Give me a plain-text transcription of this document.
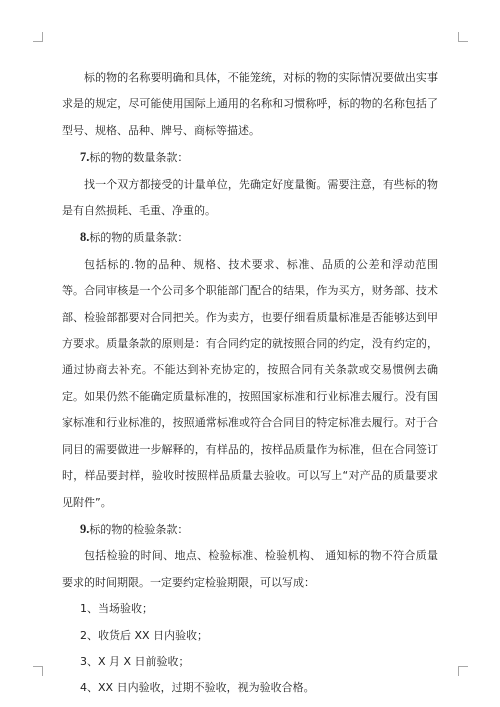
标的物的名称要明确和具体，不能笼统，对标的物的实际情况要做出实事求是的规定，尽可能使用国际上通用的名称和习惯称呼，标的物的名称包括了型号、规格、品种、牌号、商标等描述。

7.标的物的数量条款：

找一个双方都接受的计量单位，先确定好度量衡。需要注意，有些标的物是有自然损耗、毛重、净重的。

8.标的物的质量条款：

包括标的.物的品种、规格、技术要求、标准、品质的公差和浮动范围等。合同审核是一个公司多个职能部门配合的结果，作为买方，财务部、技术部、检验部都要对合同把关。作为卖方，也要仔细看质量标准是否能够达到甲方要求。质量条款的原则是：有合同约定的就按照合同的约定，没有约定的，通过协商去补充。不能达到补充协定的，按照合同有关条款或交易惯例去确定。如果仍然不能确定质量标准的，按照国家标准和行业标准去履行。没有国家标准和行业标准的，按照通常标准或符合合同目的特定标准去履行。对于合同目的需要做进一步解释的，有样品的，按样品质量作为标准，但在合同签订时，样品要封样，验收时按照样品质量去验收。可以写上“对产品的质量要求见附件”。

9.标的物的检验条款：

包括检验的时间、地点、检验标准、检验机构、 通知标的物不符合质量要求的时间期限。一定要约定检验期限，可以写成：

1、当场验收；

2、收货后 XX 日内验收；

3、X 月 X 日前验收；

4、XX 日内验收，过期不验收，视为验收合格。
